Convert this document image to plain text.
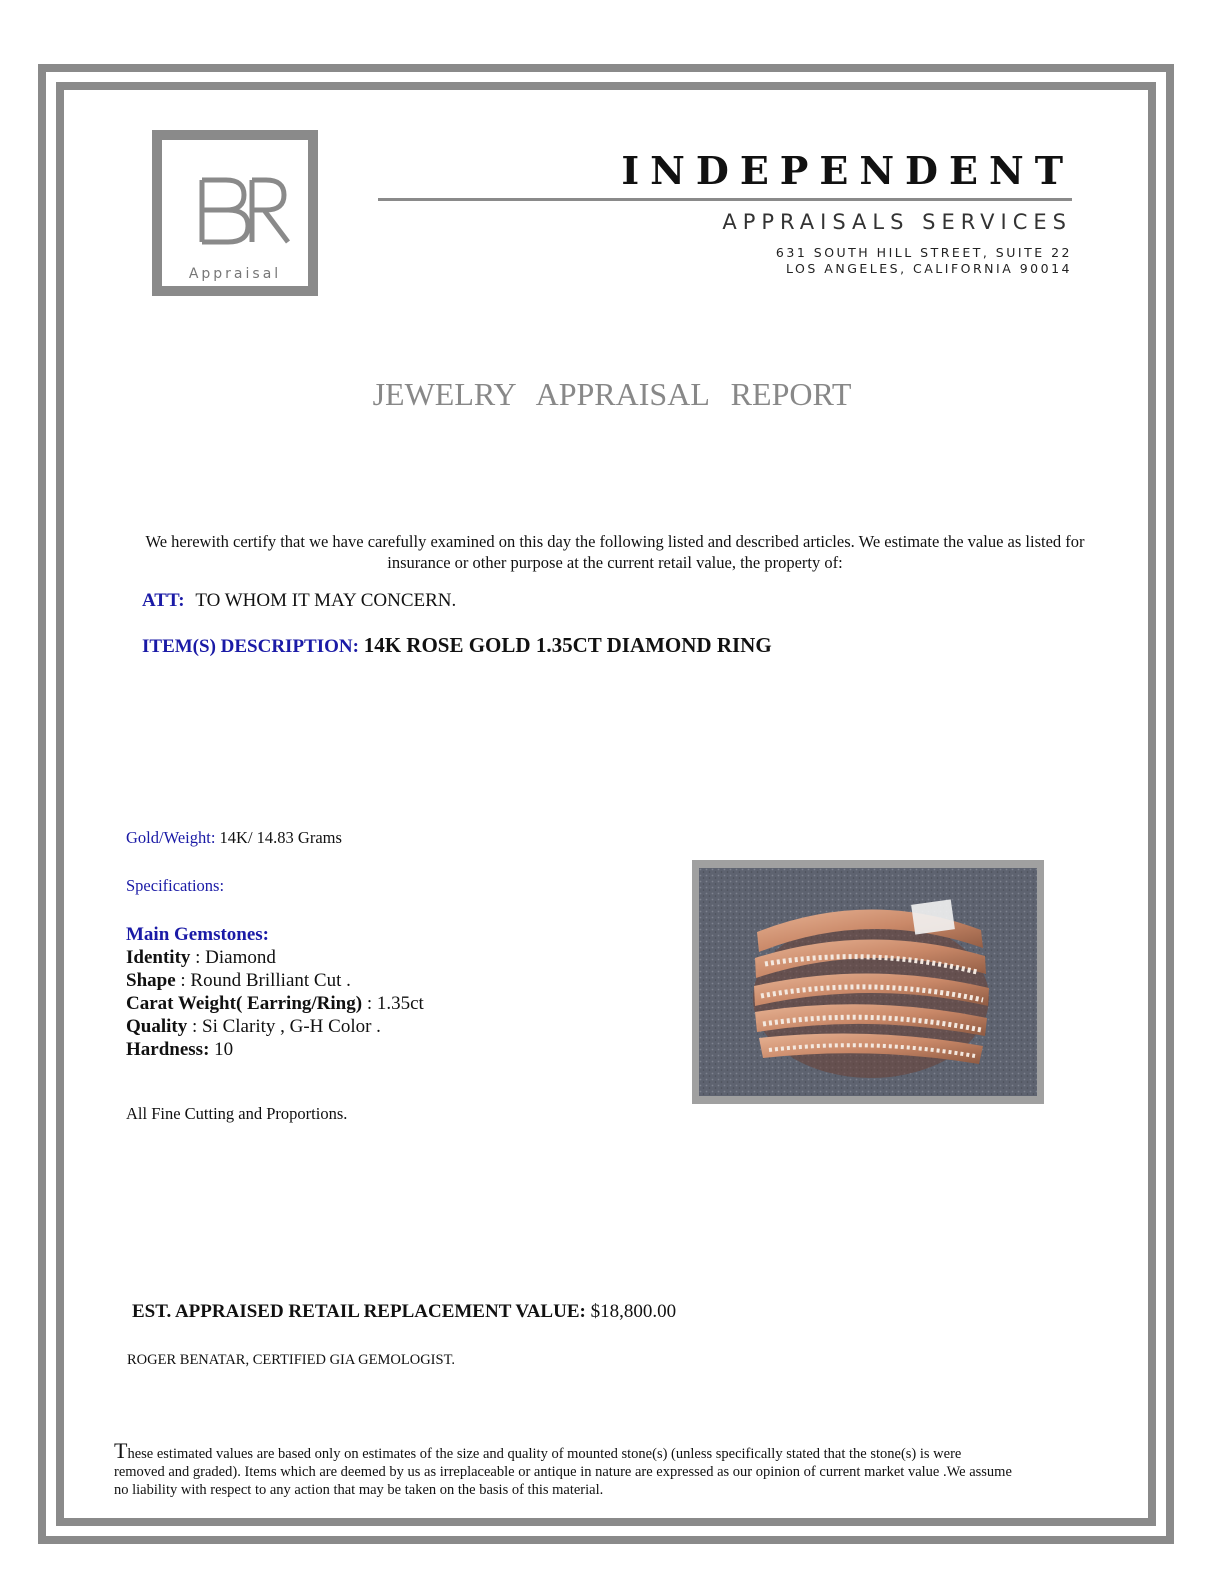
Appraisal
INDEPENDENT
APPRAISALS SERVICES
631 SOUTH HILL STREET, SUITE 22
LOS ANGELES, CALIFORNIA 90014
JEWELRY APPRAISAL REPORT
We herewith certify that we have carefully examined on this day the following listed and described articles. We estimate the value as listed for insurance or other purpose at the current retail value, the property of:
ATT: TO WHOM IT MAY CONCERN.
ITEM(S) DESCRIPTION: 14K ROSE GOLD 1.35CT DIAMOND RING
Gold/Weight: 14K/ 14.83 Grams
Specifications:
Main Gemstones:
Identity : Diamond
Shape : Round Brilliant Cut .
Carat Weight( Earring/Ring) : 1.35ct
Quality : Si Clarity , G-H Color .
Hardness: 10
All Fine Cutting and Proportions.
EST. APPRAISED RETAIL REPLACEMENT VALUE: $18,800.00
ROGER BENATAR, CERTIFIED GIA GEMOLOGIST.
These estimated values are based only on estimates of the size and quality of mounted stone(s) (unless specifically stated that the stone(s) is were removed and graded). Items which are deemed by us as irreplaceable or antique in nature are expressed as our opinion of current market value .We assume no liability with respect to any action that may be taken on the basis of this material.
